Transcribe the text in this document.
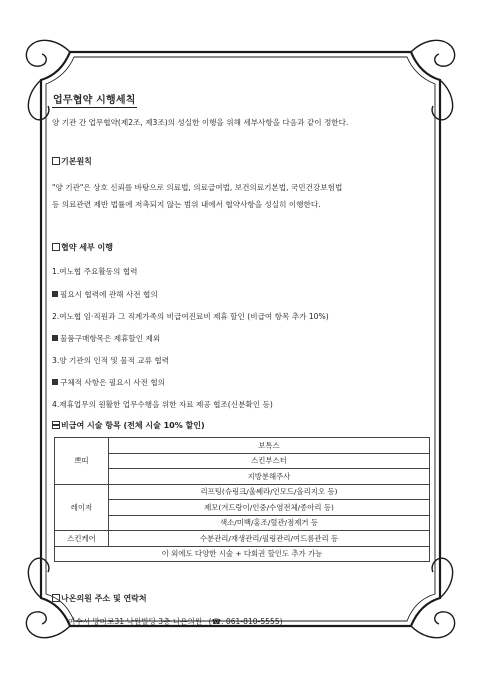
업무협약 시행세칙
양 기관 간 업무협약(제2조, 제3조)의 성실한 이행을 위해 세부사항을 다음과 같이 정한다.
기본원칙
"양 기관"은 상호 신뢰를 바탕으로 의료법, 의료급여법, 보건의료기본법, 국민건강보험법
등 의료관련 제반 법률에 저촉되지 않는 범위 내에서 협약사항을 성실히 이행한다.
협약 세부 이행
1.여노협 주요활동의 협력
필요시 협력에 관해 사전 협의
2.여노협 임·직원과 그 직계가족의 비급여진료비 제휴 할인 (비급여 항목 추가 10%)
물품구매항목은 제휴할인 제외
3.양 기관의 인적 및 물적 교류 협력
구체적 사항은 필요시 사전 협의
4.제휴업무의 원활한 업무수행을 위한 자료 제공 협조(신분확인 등)
비급여 시술 항목 (전체 시술 10% 할인)
쁘띠	보톡스
	스킨부스터
	지방분해주사
레이저	리프팅(슈링크/울쎄라/인모드/올리지오 등)
	제모(겨드랑이/인중/수염전체/종아리 등)
	색소/미백/홍조/혈관/점제거 등
스킨케어	수분관리/재생관리/필링관리/여드름관리 등
이 외에도 다양한 시술 + 다회권 할인도 추가 가능	
나온의원 주소 및 연락처
여수시 망마로31 낙원빌딩 3층 나온의원 (☎. 061-810-5555)
